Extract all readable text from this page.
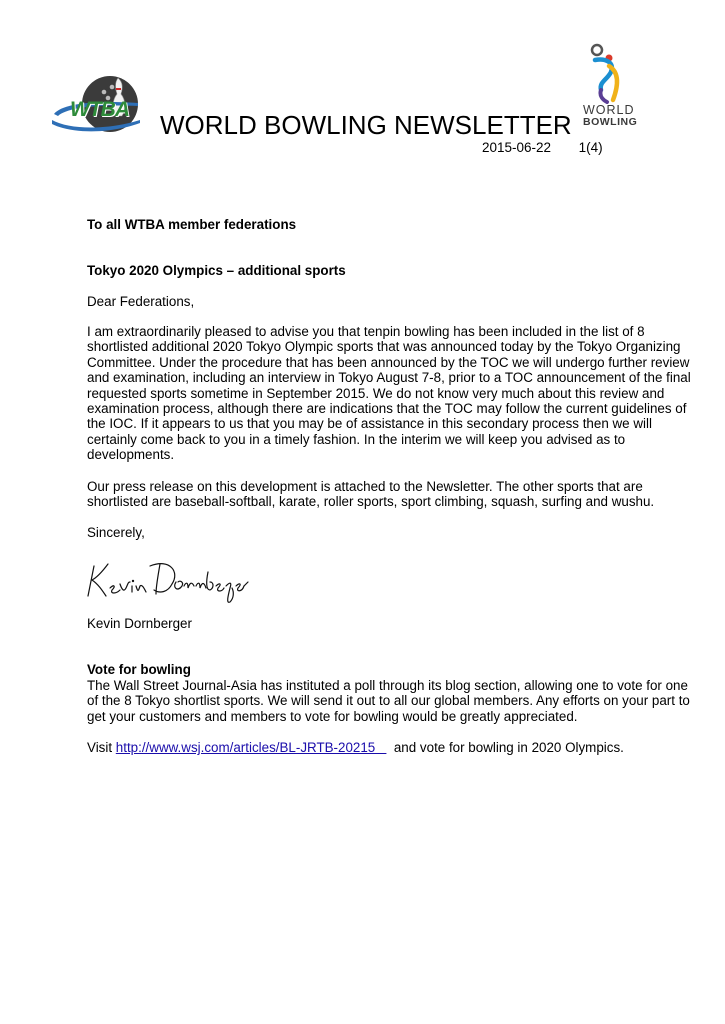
WTBA	WORLD
BOWLING
WORLD BOWLING NEWSLETTER
2015-06-22 1(4)
To all WTBA member federations
Tokyo 2020 Olympics – additional sports
Dear Federations,
I am extraordinarily pleased to advise you that tenpin bowling has been included in the list of 8 shortlisted additional 2020 Tokyo Olympic sports that was announced today by the Tokyo Organizing Committee. Under the procedure that has been announced by the TOC we will undergo further review and examination, including an interview in Tokyo August 7-8, prior to a TOC announcement of the final requested sports sometime in September 2015. We do not know very much about this review and examination process, although there are indications that the TOC may follow the current guidelines of the IOC. If it appears to us that you may be of assistance in this secondary process then we will certainly come back to you in a timely fashion. In the interim we will keep you advised as to developments.
Our press release on this development is attached to the Newsletter. The other sports that are shortlisted are baseball-softball, karate, roller sports, sport climbing, squash, surfing and wushu.
Sincerely,
Kevin Dornberger
Vote for bowling
The Wall Street Journal-Asia has instituted a poll through its blog section, allowing one to vote for one of the 8 Tokyo shortlist sports. We will send it out to all our global members. Any efforts on your part to get your customers and members to vote for bowling would be greatly appreciated.
Visit http://www.wsj.com/articles/BL-JRTB-20215     and vote for bowling in 2020 Olympics.
